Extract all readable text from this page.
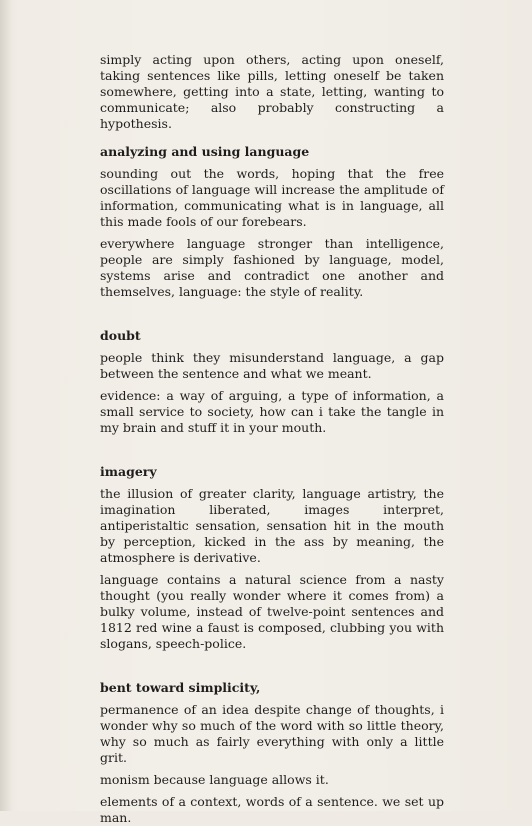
simply acting upon others, acting upon oneself, taking sentences like pills, letting oneself be taken somewhere, getting into a state, letting, wanting to communicate; also probably constructing a hypothesis.

analyzing and using language

sounding out the words, hoping that the free oscillations of language will increase the amplitude of information, communicating what is in language, all this made fools of our forebears.

everywhere language stronger than intelligence, people are simply fashioned by language, model, systems arise and contradict one another and themselves, language: the style of reality.

doubt

people think they misunderstand language, a gap between the sentence and what we meant.

evidence: a way of arguing, a type of information, a small service to society, how can i take the tangle in my brain and stuff it in your mouth.

imagery

the illusion of greater clarity, language artistry, the imagination liberated, images interpret, antiperistaltic sensation, sensation hit in the mouth by perception, kicked in the ass by meaning, the atmosphere is derivative.

language contains a natural science from a nasty thought (you really wonder where it comes from) a bulky volume, instead of twelve-point sentences and 1812 red wine a faust is composed, clubbing you with slogans, speech-police.

bent toward simplicity,

permanence of an idea despite change of thoughts, i wonder why so much of the word with so little theory, why so much as fairly everything with only a little grit.

monism because language allows it.

elements of a context, words of a sentence. we set up man.
